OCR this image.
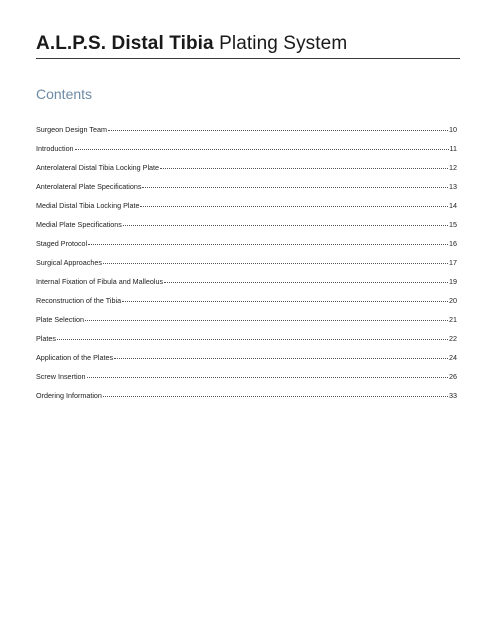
A.L.P.S. Distal Tibia Plating System
Contents
Surgeon Design Team	10
Introduction	11
Anterolateral Distal Tibia Locking Plate	12
Anterolateral Plate Specifications	13
Medial Distal Tibia Locking Plate	14
Medial Plate Specifications	15
Staged Protocol	16
Surgical Approaches	17
Internal Fixation of Fibula and Malleolus	19
Reconstruction of the Tibia	20
Plate Selection	21
Plates	22
Application of the Plates	24
Screw Insertion	26
Ordering Information	33
